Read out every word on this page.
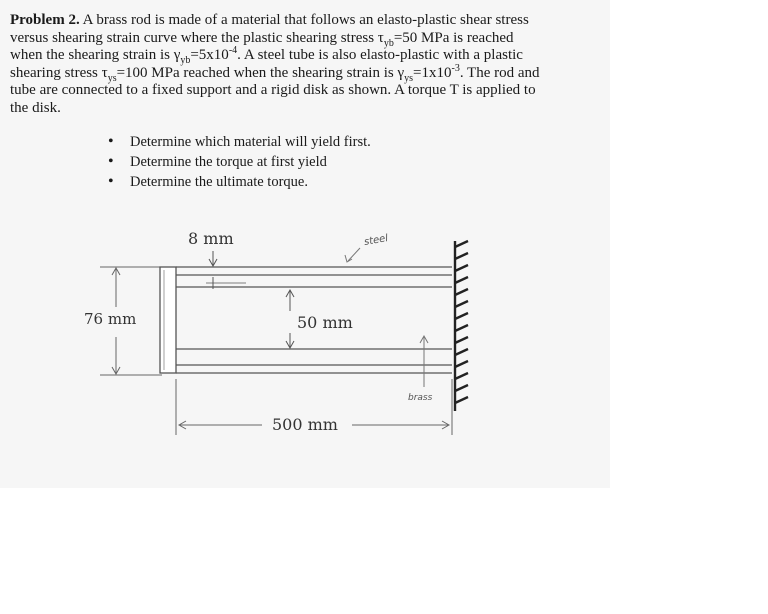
Problem 2. A brass rod is made of a material that follows an elasto-plastic shear stress
versus shearing strain curve where the plastic shearing stress $\tau_{yb}=50$ MPa is reached
when the shearing strain is $\gamma_{yb}=5x10^{-4}$. A steel tube is also elasto-plastic with a plastic
shearing stress $\tau_{ys}=100$ MPa reached when the shearing strain is $\gamma_{ys}=1x10^{-3}$. The rod and
tube are connected to a fixed support and a rigid disk as shown. A torque T is applied to
the disk.
• Determine which material will yield first.
• Determine the torque at first yield
• Determine the ultimate torque.
8 mm
76 mm	50 mm
500 mm
steel
brass
